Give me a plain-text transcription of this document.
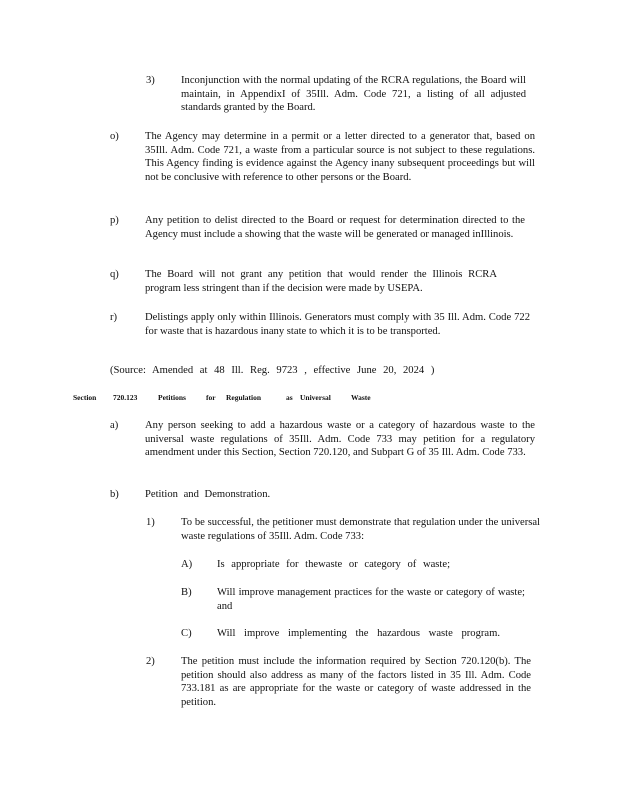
3) Inconjunction with the normal updating of the RCRA regulations, the Board will maintain, in AppendixI of 35Ill. Adm. Code 721, a listing of all adjusted standards granted by the Board.
o) The Agency may determine in a permit or a letter directed to a generator that, based on 35Ill. Adm. Code 721, a waste from a particular source is not subject to these regulations. This Agency finding is evidence against the Agency inany subsequent proceedings but will not be conclusive with reference to other persons or the Board.
p) Any petition to delist directed to the Board or request for determination directed to the Agency must include a showing that the waste will be generated or managed inIllinois.
q) The Board will not grant any petition that would render the Illinois RCRA program less stringent than if the decision were made by USEPA.
r)	Delistings apply only within Illinois. Generators must comply with 35 Ill. Adm. Code 722 for waste that is hazardous inany state to which it is to be transported.
(Source: Amended at 48 Ill. Reg. 9723 , effective June 20, 2024 )
Section 720.123	Petitions	for Regulation	as Universal	Waste
a)	Any person seeking to add a hazardous waste or a category of hazardous waste to the universal waste regulations of 35Ill. Adm. Code 733 may petition for a regulatory amendment under this Section, Section 720.120, and Subpart G of 35 Ill. Adm. Code 733.
b) Petition and Demonstration.
1) To be successful, the petitioner must demonstrate that regulation under the universal waste regulations of 35Ill. Adm. Code 733:
A) Is appropriate for thewaste or category of waste;
B) Will improve management practices for the waste or category of waste; and
C) Will improve implementing the hazardous waste program.
2) The petition must include the information required by Section 720.120(b). The petition should also address as many of the factors listed in 35 Ill. Adm. Code 733.181 as are appropriate for the waste or category of waste addressed in the petition.
